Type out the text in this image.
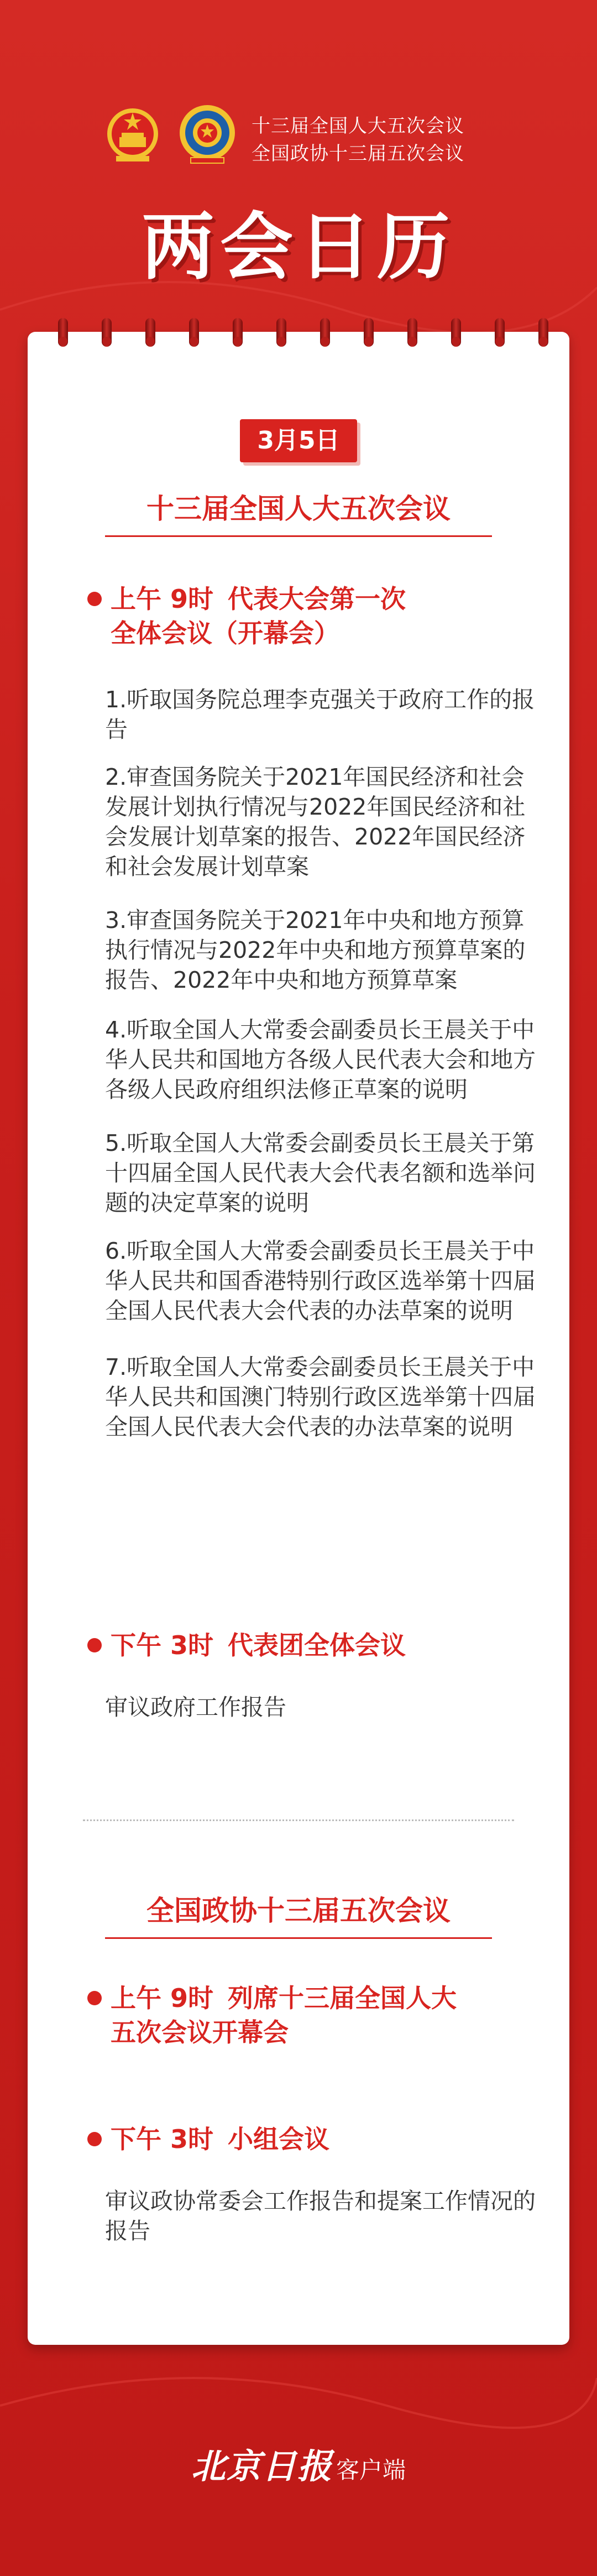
十三届全国人大五次会议
全国政协十三届五次会议
两会日历
3月5日
十三届全国人大五次会议
上午 9时 代表大会第一次
全体会议（开幕会）
1.听取国务院总理李克强关于政府工作的报告
2.审查国务院关于2021年国民经济和社会发展计划执行情况与2022年国民经济和社会发展计划草案的报告、2022年国民经济和社会发展计划草案
3.审查国务院关于2021年中央和地方预算执行情况与2022年中央和地方预算草案的报告、2022年中央和地方预算草案
4.听取全国人大常委会副委员长王晨关于中华人民共和国地方各级人民代表大会和地方各级人民政府组织法修正草案的说明
5.听取全国人大常委会副委员长王晨关于第十四届全国人民代表大会代表名额和选举问题的决定草案的说明
6.听取全国人大常委会副委员长王晨关于中华人民共和国香港特别行政区选举第十四届全国人民代表大会代表的办法草案的说明
7.听取全国人大常委会副委员长王晨关于中华人民共和国澳门特别行政区选举第十四届全国人民代表大会代表的办法草案的说明
下午 3时 代表团全体会议
审议政府工作报告
全国政协十三届五次会议
上午 9时 列席十三届全国人大
五次会议开幕会
下午 3时 小组会议
审议政协常委会工作报告和提案工作情况的报告
北京日报 客户端
